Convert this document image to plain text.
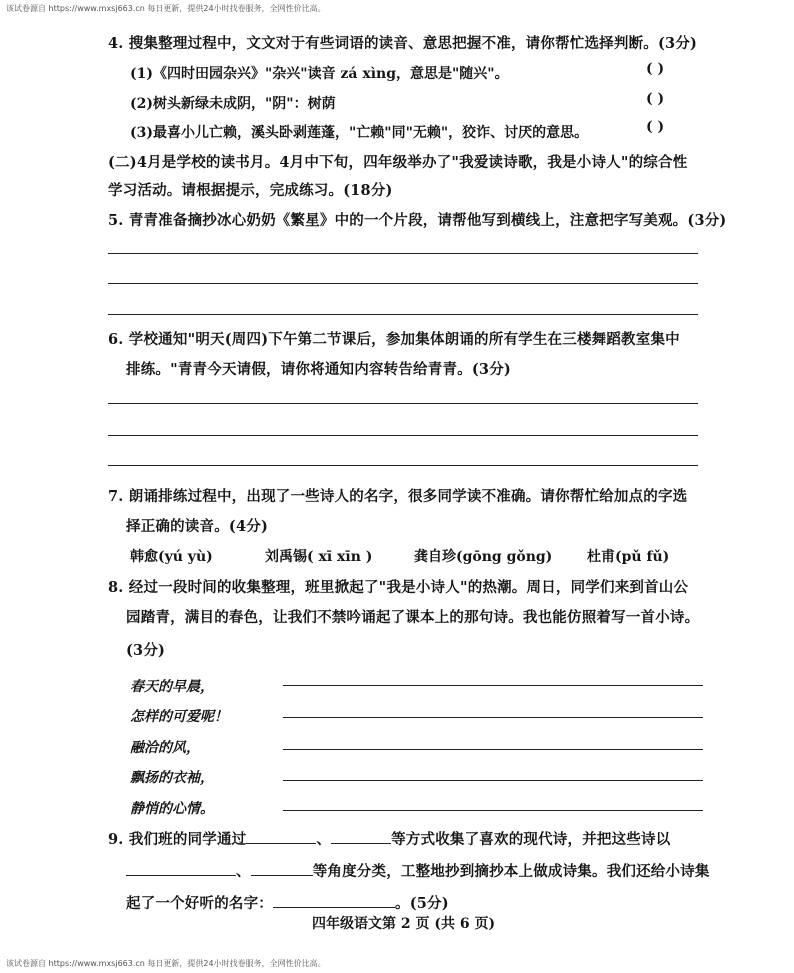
该试卷源自 https://www.mxsj663.cn 每日更新，提供24小时找卷服务，全网性价比高。
4. 搜集整理过程中，文文对于有些词语的读音、意思把握不准，请你帮忙选择判断。(3分)
(1)《四时田园杂兴》"杂兴"读音 zá xìng，意思是"随兴"。	( )
(2)树头新绿未成阴，"阴"：树荫	( )
(3)最喜小儿亡赖，溪头卧剥莲蓬，"亡赖"同"无赖"，狡诈、讨厌的意思。	( )
(二)4月是学校的读书月。4月中下旬，四年级举办了"我爱读诗歌，我是小诗人"的综合性
学习活动。请根据提示，完成练习。(18分)
5. 青青准备摘抄冰心奶奶《繁星》中的一个片段，请帮他写到横线上，注意把字写美观。(3分)
6. 学校通知"明天(周四)下午第二节课后，参加集体朗诵的所有学生在三楼舞蹈教室集中
排练。"青青今天请假，请你将通知内容转告给青青。(3分)
7. 朗诵排练过程中，出现了一些诗人的名字，很多同学读不准确。请你帮忙给加点的字选
择正确的读音。(4分)
韩愈(yú yù)	刘禹锡( xī xīn )	龚自珍(gōng gǒng) 杜甫(pǔ fǔ)
8. 经过一段时间的收集整理，班里掀起了"我是小诗人"的热潮。周日，同学们来到首山公
园踏青，满目的春色，让我们不禁吟诵起了课本上的那句诗。我也能仿照着写一首小诗。
(3分)
春天的早晨，
怎样的可爱呢！
融洽的风，
飘扬的衣袖，
静悄的心情。
9. 我们班的同学通过	、	等方式收集了喜欢的现代诗，并把这些诗以
、	等角度分类，工整地抄到摘抄本上做成诗集。我们还给小诗集
起了一个好听的名字：	。(5分)
四年级语文第 2 页 (共 6 页)
该试卷源自 https://www.mxsj663.cn 每日更新，提供24小时找卷服务，全网性价比高。
